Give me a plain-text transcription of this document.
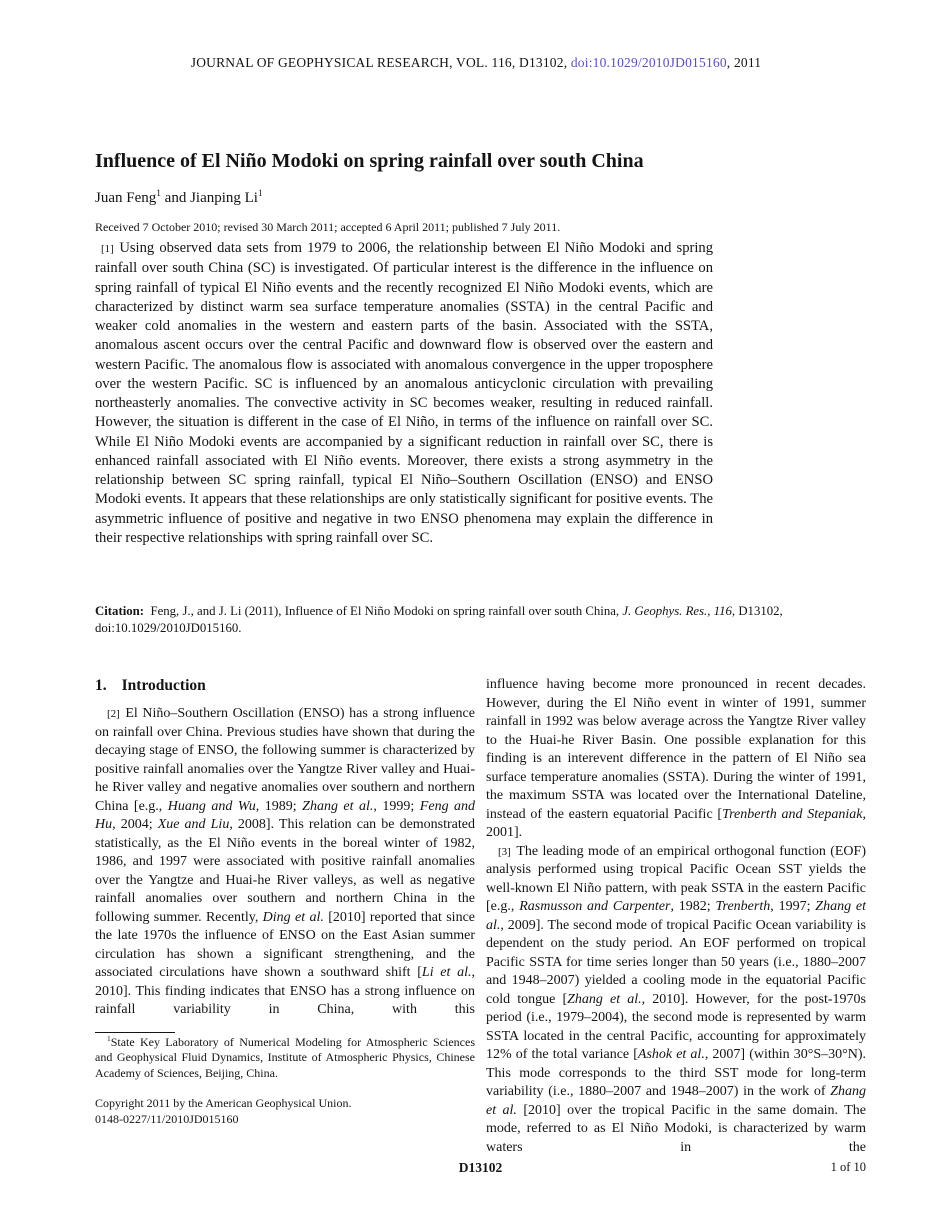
JOURNAL OF GEOPHYSICAL RESEARCH, VOL. 116, D13102, doi:10.1029/2010JD015160, 2011
Influence of El Niño Modoki on spring rainfall over south China
Juan Feng$^1$ and Jianping Li$^1$
Received 7 October 2010; revised 30 March 2011; accepted 6 April 2011; published 7 July 2011.

[1] Using observed data sets from 1979 to 2006, the relationship between El Niño Modoki and spring rainfall over south China (SC) is investigated. Of particular interest is the difference in the influence on spring rainfall of typical El Niño events and the recently recognized El Niño Modoki events, which are characterized by distinct warm sea surface temperature anomalies (SSTA) in the central Pacific and weaker cold anomalies in the western and eastern parts of the basin. Associated with the SSTA, anomalous ascent occurs over the central Pacific and downward flow is observed over the eastern and western Pacific. The anomalous flow is associated with anomalous convergence in the upper troposphere over the western Pacific. SC is influenced by an anomalous anticyclonic circulation with prevailing northeasterly anomalies. The convective activity in SC becomes weaker, resulting in reduced rainfall. However, the situation is different in the case of El Niño, in terms of the influence on rainfall over SC. While El Niño Modoki events are accompanied by a significant reduction in rainfall over SC, there is enhanced rainfall associated with El Niño events. Moreover, there exists a strong asymmetry in the relationship between SC spring rainfall, typical El Niño–Southern Oscillation (ENSO) and ENSO Modoki events. It appears that these relationships are only statistically significant for positive events. The asymmetric influence of positive and negative in two ENSO phenomena may explain the difference in their respective relationships with spring rainfall over SC.

Citation: Feng, J., and J. Li (2011), Influence of El Niño Modoki on spring rainfall over south China, J. Geophys. Res., 116, D13102, doi:10.1029/2010JD015160.

1. Introduction

[2] El Niño–Southern Oscillation (ENSO) has a strong influence on rainfall over China. Previous studies have shown that during the decaying stage of ENSO, the following summer is characterized by positive rainfall anomalies over the Yangtze River valley and Huai-he River valley and negative anomalies over southern and northern China [e.g., Huang and Wu, 1989; Zhang et al., 1999; Feng and Hu, 2004; Xue and Liu, 2008]. This relation can be demonstrated statistically, as the El Niño events in the boreal winter of 1982, 1986, and 1997 were associated with positive rainfall anomalies over the Yangtze and Huai-he River valleys, as well as negative rainfall anomalies over southern and northern China in the following summer. Recently, Ding et al. [2010] reported that since the late 1970s the influence of ENSO on the East Asian summer circulation has shown a significant strengthening, and the associated circulations have shown a southward shift [Li et al., 2010]. This finding indicates that ENSO has a strong influence on rainfall variability in China, with this

$^1$State Key Laboratory of Numerical Modeling for Atmospheric Sciences and Geophysical Fluid Dynamics, Institute of Atmospheric Physics, Chinese Academy of Sciences, Beijing, China.

Copyright 2011 by the American Geophysical Union.
0148-0227/11/2010JD015160

influence having become more pronounced in recent decades. However, during the El Niño event in winter of 1991, summer rainfall in 1992 was below average across the Yangtze River valley to the Huai-he River Basin. One possible explanation for this finding is an interevent difference in the pattern of El Niño sea surface temperature anomalies (SSTA). During the winter of 1991, the maximum SSTA was located over the International Dateline, instead of the eastern equatorial Pacific [Trenberth and Stepaniak, 2001].

[3] The leading mode of an empirical orthogonal function (EOF) analysis performed using tropical Pacific Ocean SST yields the well-known El Niño pattern, with peak SSTA in the eastern Pacific [e.g., Rasmusson and Carpenter, 1982; Trenberth, 1997; Zhang et al., 2009]. The second mode of tropical Pacific Ocean variability is dependent on the study period. An EOF performed on tropical Pacific SSTA for time series longer than 50 years (i.e., 1880–2007 and 1948–2007) yielded a cooling mode in the equatorial Pacific cold tongue [Zhang et al., 2010]. However, for the post-1970s period (i.e., 1979–2004), the second mode is represented by warm SSTA located in the central Pacific, accounting for approximately 12% of the total variance [Ashok et al., 2007] (within 30°S–30°N). This mode corresponds to the third SST mode for long-term variability (i.e., 1880–2007 and 1948–2007) in the work of Zhang et al. [2010] over the tropical Pacific in the same domain. The mode, referred to as El Niño Modoki, is characterized by warm waters in the

D13102	1 of 10
